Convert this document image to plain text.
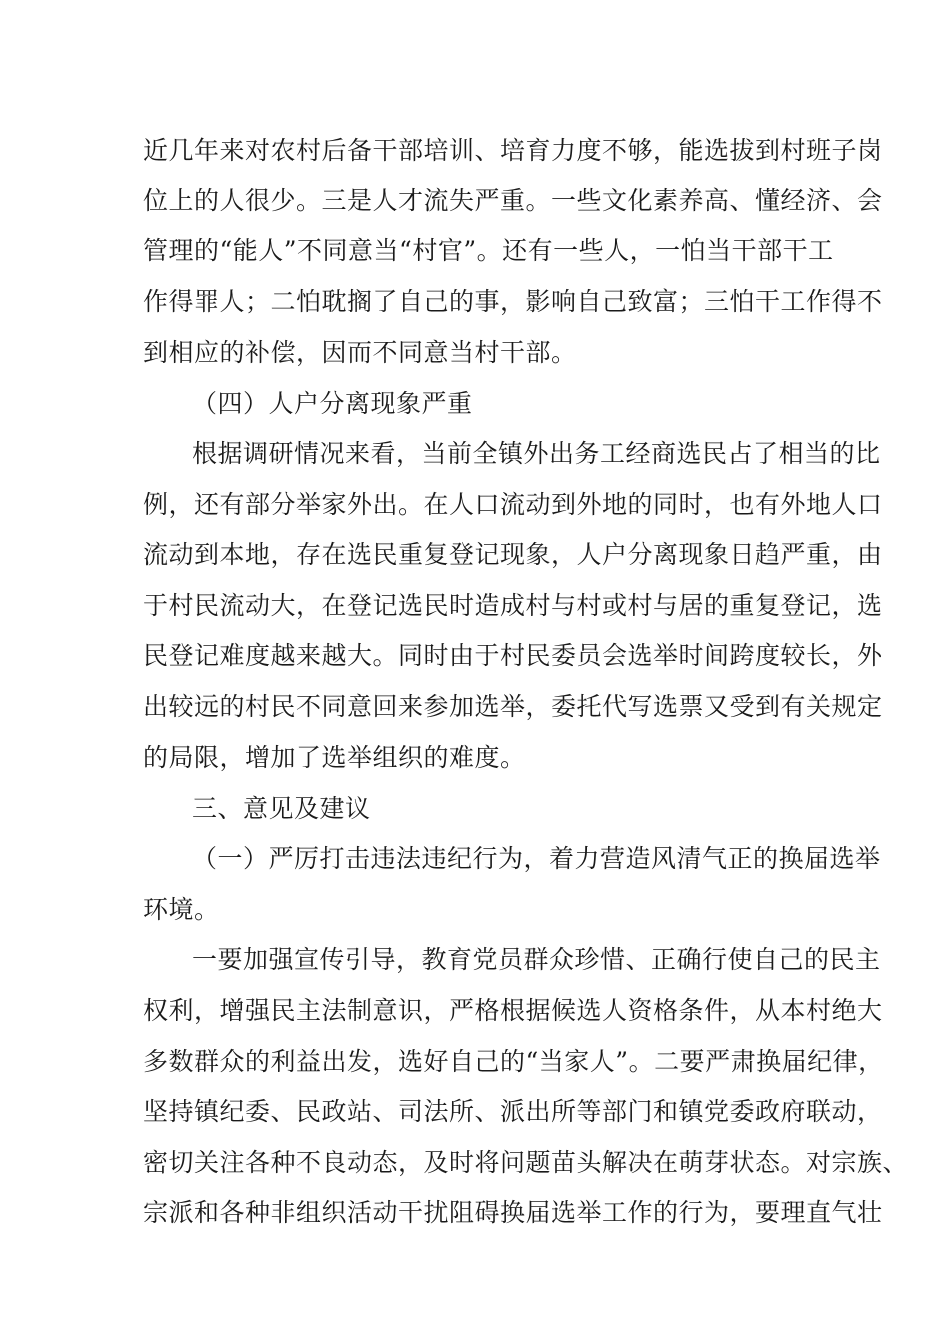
近几年来对农村后备干部培训、培育力度不够，能选拔到村班子岗
位上的人很少。三是人才流失严重。一些文化素养高、懂经济、会
管理的“能人”不同意当“村官”。还有一些人，一怕当干部干工
作得罪人；二怕耽搁了自己的事，影响自己致富；三怕干工作得不
到相应的补偿，因而不同意当村干部。
（四）人户分离现象严重
根据调研情况来看，当前全镇外出务工经商选民占了相当的比
例，还有部分举家外出。在人口流动到外地的同时，也有外地人口
流动到本地，存在选民重复登记现象，人户分离现象日趋严重，由
于村民流动大，在登记选民时造成村与村或村与居的重复登记，选
民登记难度越来越大。同时由于村民委员会选举时间跨度较长，外
出较远的村民不同意回来参加选举，委托代写选票又受到有关规定
的局限，增加了选举组织的难度。
三、意见及建议
（一）严厉打击违法违纪行为，着力营造风清气正的换届选举
环境。
一要加强宣传引导，教育党员群众珍惜、正确行使自己的民主
权利，增强民主法制意识，严格根据候选人资格条件，从本村绝大
多数群众的利益出发，选好自己的“当家人”。二要严肃换届纪律，
坚持镇纪委、民政站、司法所、派出所等部门和镇党委政府联动，
密切关注各种不良动态，及时将问题苗头解决在萌芽状态。对宗族、
宗派和各种非组织活动干扰阻碍换届选举工作的行为，要理直气壮
